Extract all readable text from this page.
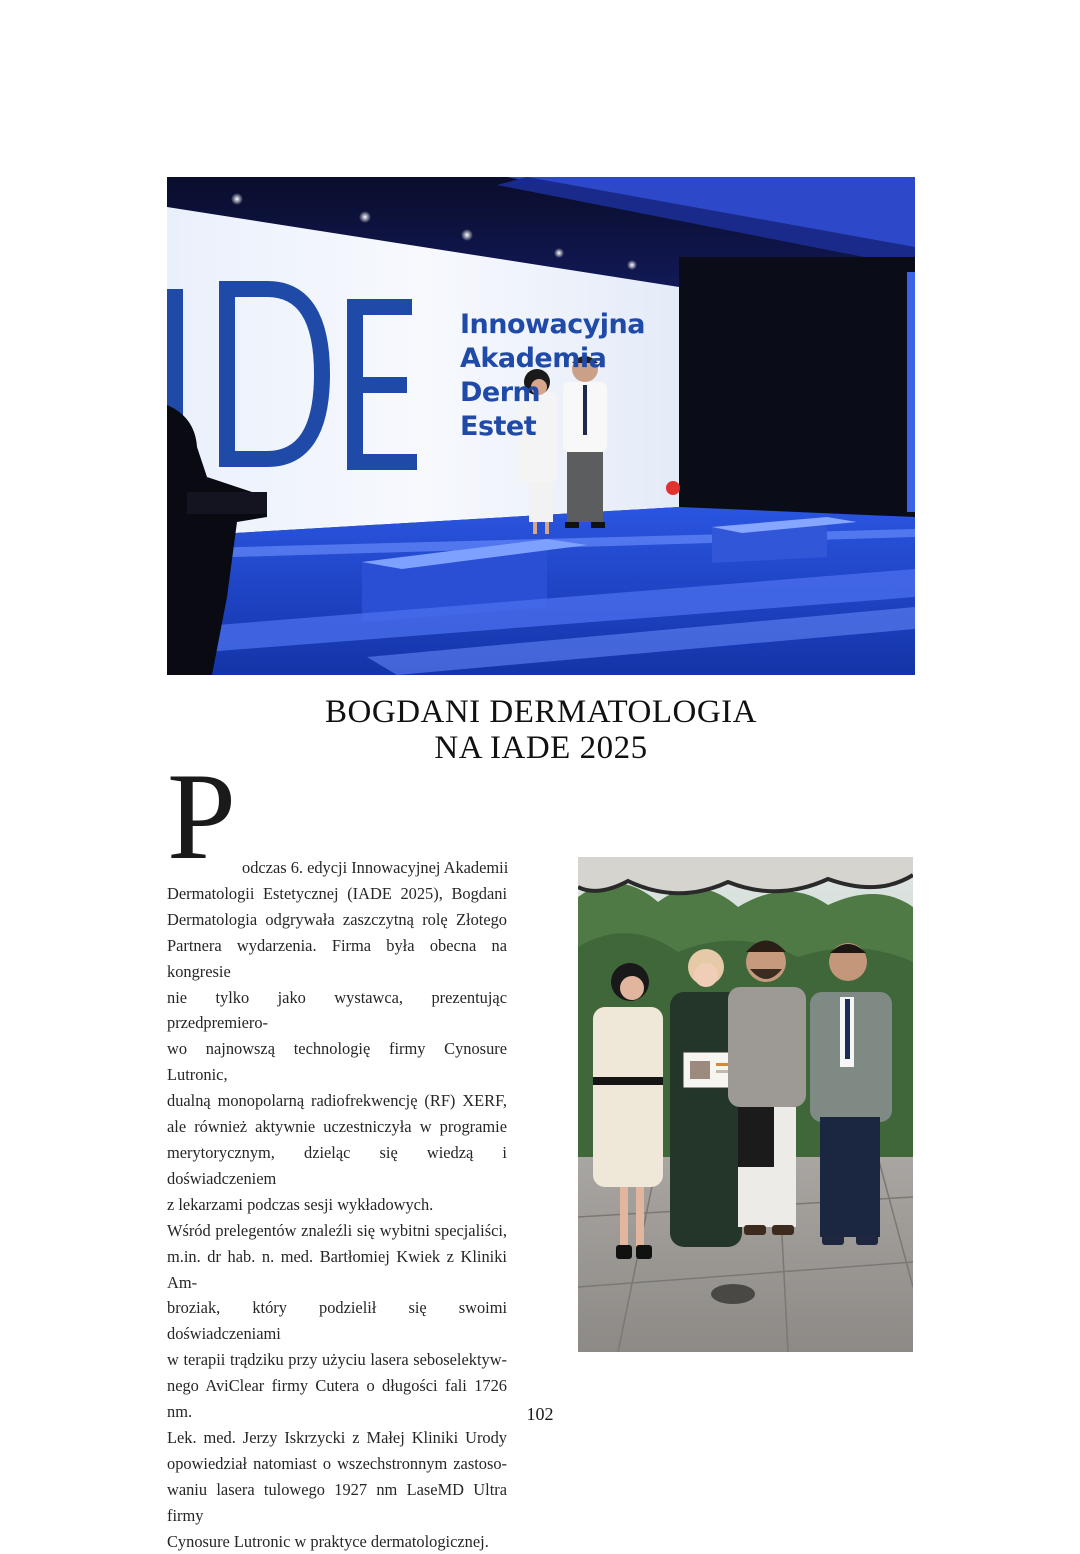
Innowacyjna
Akademia
Derm
Estet
BOGDANI DERMATOLOGIA
NA IADE 2025
P odczas 6. edycji Innowacyjnej Akademii
Dermatologii Estetycznej (IADE 2025), Bogdani
Dermatologia odgrywała zaszczytną rolę Złotego
Partnera wydarzenia. Firma była obecna na kongresie
nie tylko jako wystawca, prezentując przedpremiero-
wo najnowszą technologię firmy Cynosure Lutronic,
dualną monopolarną radiofrekwencję (RF) XERF,
ale również aktywnie uczestniczyła w programie
merytorycznym, dzieląc się wiedzą i doświadczeniem
z lekarzami podczas sesji wykładowych.
Wśród prelegentów znaleźli się wybitni specjaliści,
m.in. dr hab. n. med. Bartłomiej Kwiek z Kliniki Am-
broziak, który podzielił się swoimi doświadczeniami
w terapii trądziku przy użyciu lasera seboselektyw-
nego AviClear firmy Cutera o długości fali 1726 nm.
Lek. med. Jerzy Iskrzycki z Małej Kliniki Urody
opowiedział natomiast o wszechstronnym zastoso-
waniu lasera tulowego 1927 nm LaseMD Ultra firmy
Cynosure Lutronic w praktyce dermatologicznej.
102
